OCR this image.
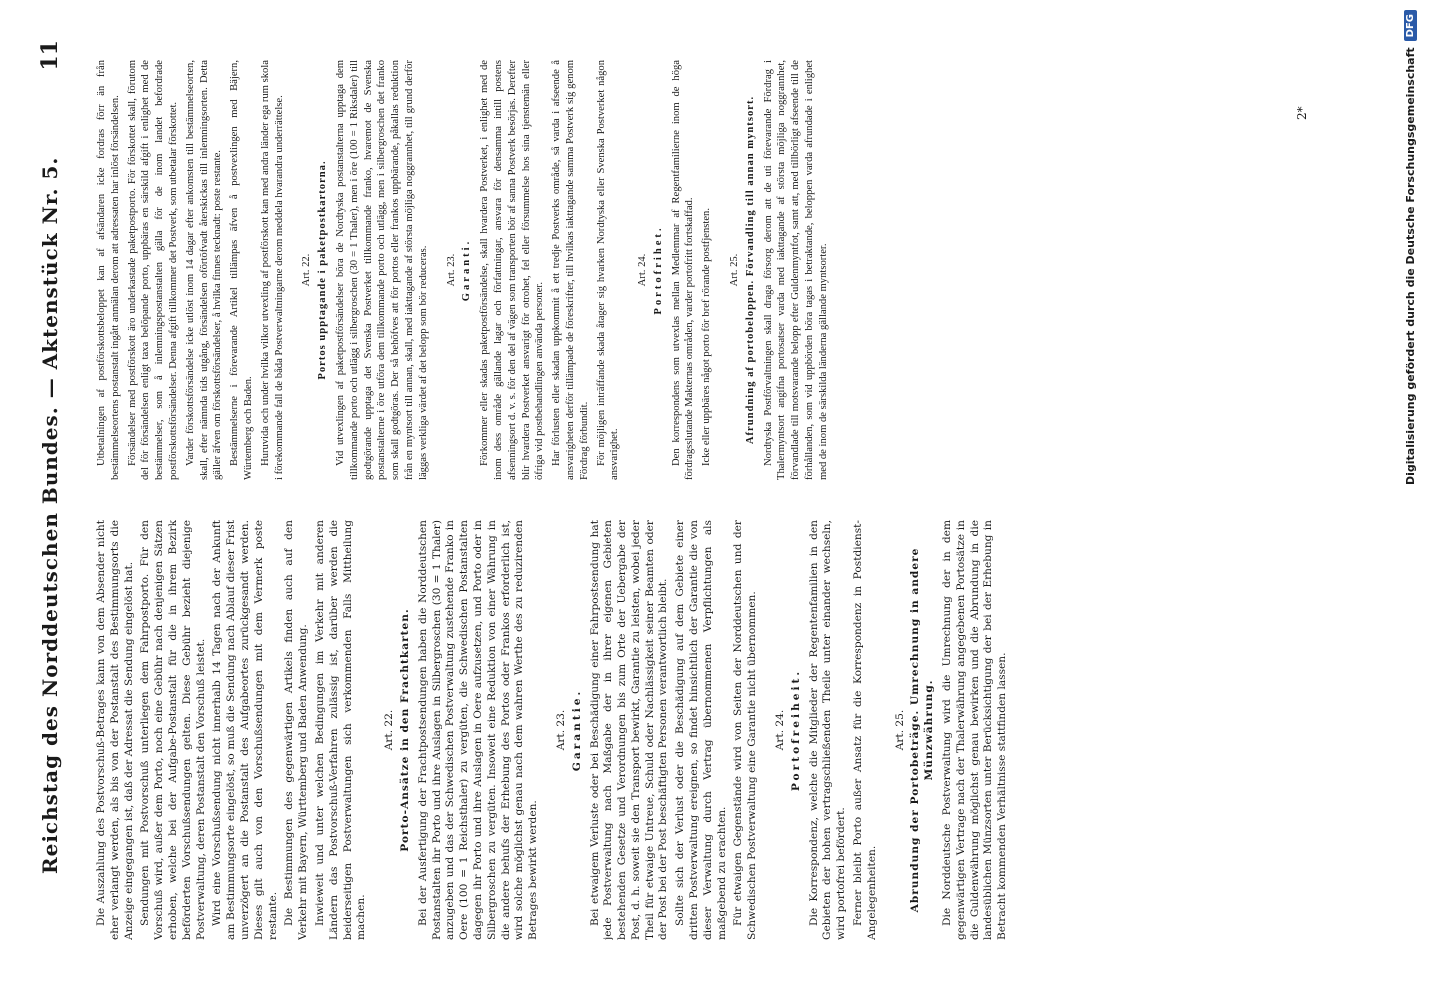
Reichstag des Norddeutschen Bundes. — Aktenstück Nr. 5.
11

Die Auszahlung des Postvorschuß-Betrages kann von dem Absender nicht eher verlangt werden, als bis von der Postanstalt des Bestimmungsorts die Anzeige eingegangen ist, daß der Adressat die Sendung eingelöst hat. Sendungen mit Postvorschuß unterliegen dem Fahrpostporto. Für den Vorschuß wird, außer dem Porto, noch eine Gebühr nach denjenigen Sätzen erhoben, welche bei der Aufgabe-Postanstalt für die in ihrem Bezirk beförderten Vorschußsendungen gelten. Diese Gebühr bezieht diejenige Postverwaltung, deren Postanstalt den Vorschuß leistet. Wird eine Vorschußsendung nicht innerhalb 14 Tagen nach der Ankunft am Bestimmungsorte eingelöst, so muß die Sendung nach Ablauf dieser Frist unverzögert an die Postanstalt des Aufgabeortes zurückgesandt werden. Dieses gilt auch von den Vorschußsendungen mit dem Vermerk poste restante. Die Bestimmungen des gegenwärtigen Artikels finden auch auf den Verkehr mit Bayern, Württemberg und Baden Anwendung. Inwieweit und unter welchen Bedingungen im Verkehr mit anderen Ländern das Postvorschuß-Verfahren zulässig ist, darüber werden die beiderseitigen Postverwaltungen sich verkommenden Falls Mittheilung machen.

Art. 22. Porto-Ansätze in den Frachtkarten. Bei der Ausfertigung der Frachtpostsendungen haben die Norddeutschen Postanstalten ihr Porto und ihre Auslagen in Silbergroschen (30 = 1 Thaler) anzugeben und das der Schwedischen Postverwaltung zustehende Franko in Oere (100 = 1 Reichsthaler) zu vergüten, die Schwedischen Postanstalten dagegen ihr Porto und ihre Auslagen in Oere aufzusetzen, und Porto oder in Silbergroschen zu vergüten. Insoweit eine Reduktion von einer Währung in die andere behufs der Erhebung des Portos oder Frankos erforderlich ist, wird solche möglichst genau nach dem wahren Werthe des zu reduzirenden Betrages bewirkt werden.

Art. 23. Garantie. Bei etwaigem Verluste oder bei Beschädigung einer Fahrpostsendung hat jede Postverwaltung nach Maßgabe der in ihrer eigenen Gebieten bestehenden Gesetze und Verordnungen bis zum Orte der Uebergabe der Post, d. h. soweit sie den Transport bewirkt, Garantie zu leisten, wobei jeder Theil für etwaige Untreue, Schuld oder Nachlässigkeit seiner Beamten oder der Post bei der Post beschäftigten Personen verantwortlich bleibt. Sollte sich der Verlust oder die Beschädigung auf dem Gebiete einer dritten Postverwaltung ereignen, so findet hinsichtlich der Garantie die von dieser Verwaltung durch Vertrag übernommenen Verpflichtungen als maßgebend zu erachten. Für etwaigen Gegenstände wird von Seiten der Norddeutschen und der Schwedischen Postverwaltung eine Garantie nicht übernommen. Art. 24. Portofreiheit. Die Korrespondenz, welche die Mitglieder der Regentenfamilien in den Gebieten der hohen vertragschließenden Theile unter einander wechseln, wird portofrei befördert. Ferner bleibt Porto außer Ansatz für die Korrespondenz in Postdienst-Angelegenheiten.

Art. 25. Abrundung der Portobeträge. Umrechnung in andere Münzwährung. Die Norddeutsche Postverwaltung wird die Umrechnung der in dem gegenwärtigen Vertrage nach der Thalerwährung angegebenen Portosätze in die Guldenwährung möglichst genau bewirken und die Abrundung in die landesüblichen Münzsorten unter Berücksichtigung der bei der Erhebung in Betracht kommenden Verhältnisse stattfinden lassen.

Utbetalningen af postförskottsbeloppet kan af afsändaren icke fordras förr än från bestämmelseortens postanstalt ingått anmälan derom att adressaten har inlöst försändelsen. Försändelser med postförskott äro underkastade paketpostporto. För förskottet skall, förutom del för försändelsen enligt taxa belöpande porto, uppbäras en särskild afgift i enlighet med de bestämmelser, som å inlemningspostanstalten gälla för de inom landet befordrade postförskottsförsändelser. Denna afgift tillkommer det Postverk, som utbetalar förskottet. Varder förskottsförsändelse icke utlöst inom 14 dagar efter ankomsten till bestämmelseorten, skall, efter nämnda tids utgång, försändelsen oförtöfvadt återskickas till inlemningsorten. Detta gäller äfven om förskottsförsändelser, å hvilka finnes tecknadt: poste restante. Bestämmelserne i förevarande Artikel tillämpas äfven å postvexlingen med Bäjern, Würtemberg och Baden. Huruvida och under hvilka vilkor utvexling af postförskott kan med andra länder ega rum skola i förekommande fall de båda Postverwaltningarne derom meddela hvarandra underrättelse. Art. 22. Portos upptagande i paketpostkartorna. Vid utvexlingen af paketpostförsändelser böra de Nordtyska postanstalterna upptaga dem tillkommande porto och utlägg i silbergroschen (30 = 1 Thaler), men i öre (100 = 1 Riksdaler) till godtgörande upptaga det Svenska Postverket tillkommande franko, hvaremot de Svenska postanstalterne i öre utföra dem tillkommande porto och utlägg, men i silbergroschen det franko som skall godtgöras. Der så behöfves att för portos eller frankos uppbärande, påkallas reduktion från en myntsort till annan, skall, med iakttagande af största möjliga noggrannhet, till grund derför läggas verkliga värdet af det belopp som bör reduceras. Art. 23. Garanti. Förkommer eller skadas paketpostförsändelse, skall hvardera Postverket, i enlighet med de inom dess område gällande lagar och författningar, ansvara för densamma intill postens afsenningsort d. v. s. för den del af vägen som transporten bör af sanna Postverk besörjas. Derefter blir hvardera Postverket ansvarigt för otrohet, fel eller försummelse hos sina tjenstemän eller öfriga vid postbehandlingen använda personer. Har förlusten eller skadan uppkommit å ett tredje Postverks område, så varda i afseende å ansvarigheten derför tillämpade de föreskrifter, till hvilkas iakttagande samma Postverk sig genom Fördrag förbundit. För möjligen inträffande skada åtager sig hvarken Nordtyska eller Svenska Postverket någon ansvarighet.

Art. 24. Portofrihet. Den korrespondens som utvexlas mellan Medlemmar af Regentfamilierne inom de höga fördragsslutande Makternas områden, varder portofritt fortskaffad. Icke eller uppbäres något porto för bref rörande postfjensten. Art. 25. Afrundning af portobeloppen. Förvandling till annan myntsort. Nordtyska Postförvaltningen skall draga försorg derom att de uti förevarande Fördrag i Thalermyntsort angifna portosatser varda med iakttagande af största möjliga noggrannhet, förvandlade till motsvarande belopp efter Guldenmyntfot, samt att, med tillbörligt afseende till de förhållanden, som vid uppbörden böra tagas i betraktande, beloppen varda afrundade i enlighet med de inom de särskilda länderna gällande myntsorter.

2*	Digitalisierung gefördert durch die Deutsche Forschungsgemeinschaft
DFG
